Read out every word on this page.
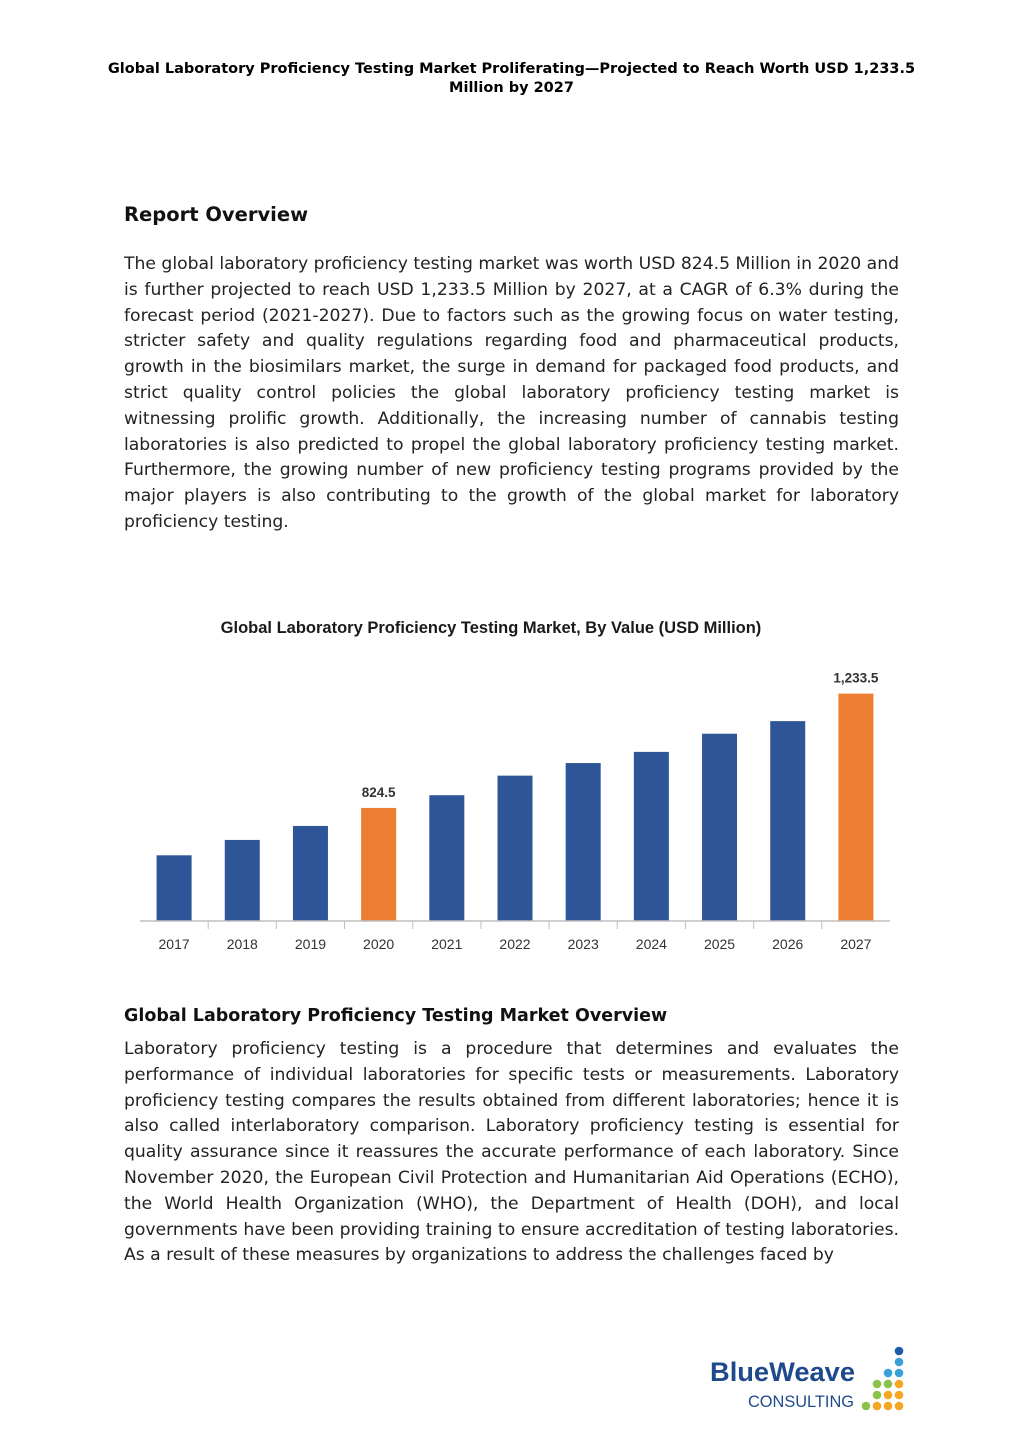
Global Laboratory Proficiency Testing Market Proliferating—Projected to Reach Worth USD 1,233.5 Million by 2027
Report Overview

The global laboratory proficiency testing market was worth USD 824.5 Million in 2020 and is further projected to reach USD 1,233.5 Million by 2027, at a CAGR of 6.3% during the forecast period (2021-2027). Due to factors such as the growing focus on water testing, stricter safety and quality regulations regarding food and pharmaceutical products, growth in the biosimilars market, the surge in demand for packaged food products, and strict quality control policies the global laboratory proficiency testing market is witnessing prolific growth. Additionally, the increasing number of cannabis testing laboratories is also predicted to propel the global laboratory proficiency testing market. Furthermore, the growing number of new proficiency testing programs provided by the major players is also contributing to the growth of the global market for laboratory proficiency testing.

Global Laboratory Proficiency Testing Market, By Value (USD Million)
2017	2018	2019	2020	2021	2022	2023	2024	2025	2026	2027
824.5
1,233.5
Global Laboratory Proficiency Testing Market Overview

Laboratory proficiency testing is a procedure that determines and evaluates the performance of individual laboratories for specific tests or measurements. Laboratory proficiency testing compares the results obtained from different laboratories; hence it is also called interlaboratory comparison. Laboratory proficiency testing is essential for quality assurance since it reassures the accurate performance of each laboratory. Since November 2020, the European Civil Protection and Humanitarian Aid Operations (ECHO), the World Health Organization (WHO), the Department of Health (DOH), and local governments have been providing training to ensure accreditation of testing laboratories. As a result of these measures by organizations to address the challenges faced by

BlueWeave
CONSULTING
